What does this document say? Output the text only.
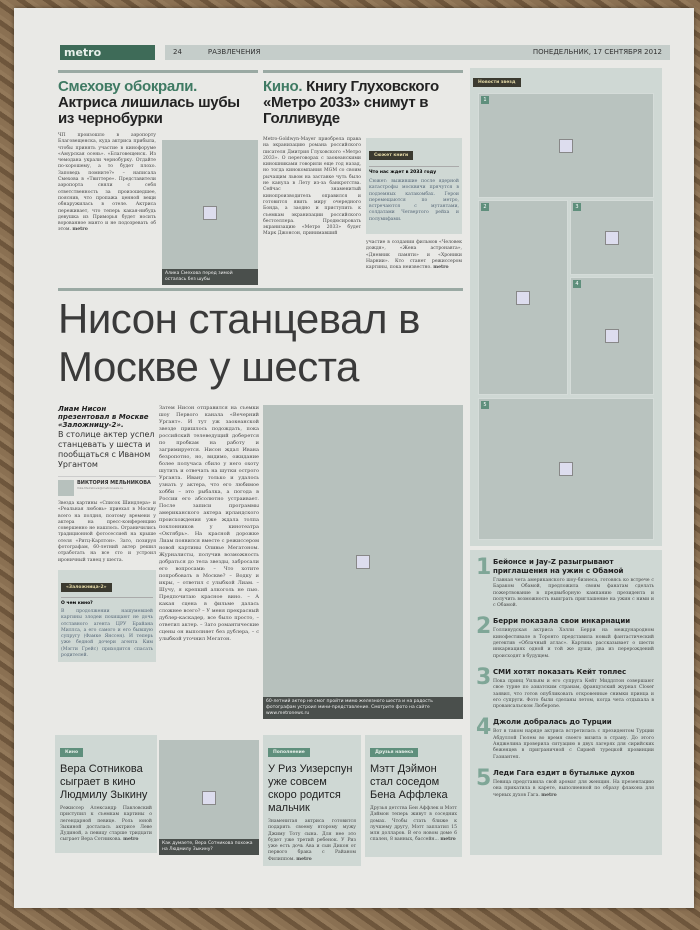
metro	24	РАЗВЛЕЧЕНИЯ	ПОНЕДЕЛЬНИК, 17 СЕНТЯБРЯ 2012
Смехову обокрали. Актриса лишилась шубы из чернобурки
ЧП произошло в аэропорту Благовещенска, куда актриса прибыла, чтобы принять участие в кинофоруме «Амурская осень». «Благовещенск. Из чемодана украли чернобурку. Отдайте по-хорошему, а то будет плохо. Заповедь помните?» – написала Смехова в «Твиттере». Представители аэропорта сняли с себя ответственность за произошедшее, пояснив, что пропажа ценной вещи обнаружилась в отеле. Актриса переживает, что теперь какая-нибудь девушка из Приморья будет носить ворованное манто и не подозревать об этом. metro
Алика Смехова перед зимой осталась без шубы
Кино. Книгу Глуховского «Метро 2033» снимут в Голливуде
Metro-Goldwyn-Mayer приобрела права на экранизацию романа российского писателя Дмитрия Глуховского «Метро 2033». О переговорах с заокеанскими киношниками говорили еще год назад, но тогда кинокомпания MGM со своим рычащим львом на заставке чуть было не канула в Лету из-за банкротства. Сейчас знаменитый кинопроизводитель оправился и готовится явить миру очередного Бонда, а заодно и приступить к съемкам экранизации российского бестселлера. Продюсировать экранизацию «Метро 2033» будет Марк Джонсон, принимавший
Сюжет книги
Что нас ждет в 2033 году
Сюжет: выжившие после ядерной катастрофы москвичи прячутся в подземных катакомбах. Герои перемещаются по метро, встречаются с мутантами, солдатами Четвертого рейха и полумифами.
участие в создании фильмов «Человек дождя», «Жена астронавта», «Дневник памяти» и «Хроники Нарнии». Кто станет режиссером картины, пока неизвестно. metro
Нисон станцевал в Москве у шеста
Лиам Нисон презентовал в Москве «Заложницу-2».
В столице актер успел станцевать у шеста и пообщаться с Иваном Ургантом
ВИКТОРИЯ МЕЛЬНИКОВА
Vika.Melnikova@metronews.ru
Звезда картины «Список Шиндлера» и «Реальная любовь» приехал в Москву всего на полдня, поэтому времени у актера на пресс-конференцию совершенно не нашлось. Ограничились традиционной фотосессией на крыше отеля «Ритц-Карлтон». Зато, позируя фотографам, 60-летний актер решил отработать на все сто и устроил ироничный танец у шеста.
«Заложница-2»
О чем кино?
В продолжении нашумевшей картины злодеи похищают не дочь отставного агента ЦРУ Брайана Миллса, а его самого и его бывшую супругу (Фамке Янссен). И теперь уже бедной дочери агента Ким (Мэгги Грейс) приходится спасать родителей.
Затем Нисон отправился на съемки шоу Первого канала «Вечерний Ургант». И тут уж заокеанской звезде пришлось подождать, пока российский телеведущий доберется по пробкам на работу и загримируется. Нисон ждал Ивана безропотно, но, видимо, ожидание более получаса сбило у него охоту шутить и отвечать на шутки острого Урганта. Ивану только и удалось узнать у актера, что его любимое хобби – это рыбалка, а погода в России его абсолютно устраивает. После записи программы американского актера ирландского происхождения уже ждала толпа поклонников у кинотеатра «Октябрь». На красной дорожке Лиам появился вместе с режиссером новой картины Оливье Мегатоном. Журналисты, получив возможность добраться до тела звезды, забросали его вопросами: – Что хотите попробовать в Москве? – Водку и икры, – ответил с улыбкой Лиам. – Шучу, я крепкий алкоголь не пью. Предпочитаю красное вино. – А какая сцена в фильме далась сложнее всего? – У меня прекрасный дублер-каскадер, все было просто, – ответил актер. – Зато романтические сцены он выполняет без дублера, – с улыбкой уточнил Мегатон.
60-летний актер не смог пройти мимо железного шеста и на радость фотографам устроил мини-представление. Смотрите фото на сайте www.metronews.ru
Новости звезд
1
2	3
4
5
1 Бейонсе и Jay-Z разыгрывают приглашения на ужин с Обамой
Главная чета американского шоу-бизнеса, готовясь ко встрече с Бараком Обамой, предложила своим фанатам сделать пожертвование в предвыборную кампанию президента и получить возможность выиграть приглашение на ужин с ними и с Обамой.
2 Берри показала свои инкарнации
Голливудская актриса Хэлли Берри на международном кинофестивале в Торонто представила новый фантастический детектив «Облачный атлас». Картина рассказывает о шести инкарнациях одной и той же души, два из перерождений происходят в будущем.
3 СМИ хотят показать Кейт топлес
Пока принц Уильям и его супруга Кейт Миддлтон совершают свое турне по азиатским странам, французский журнал Closer заявил, что готов опубликовать откровенные снимки принца и его супруги. Фото были сделаны летом, когда чета отдыхала в провансальском Люберone.
4 Джоли добралась до Турции
Вот в таком наряде актриса встретилась с президентом Турции Абдуллой Гюлем во время своего визита в страну. До этого Анджелина проверила ситуацию в двух лагерях для сирийских беженцев в приграничной с Сирией турецкой провинции Газиантеп.
5 Леди Гага ездит в бутыльке духов
Певица представила свой аромат для женщин. На презентацию она прикатила в карете, выполненной по образу флакона для черных духов Гага. metro
Кино
Вера Сотникова сыграет в кино Людмилу Зыкину
Режиссер Александр Павловский приступил к съемкам картины о легендарной певице. Роль юной Зыкиной досталась актрисе Леве Дудиной, а певицу старше тридцати сыграет Вера Сотникова. metro
Как думаете, Вера Сотникова похожа на Людмилу Зыкину?
Пополнение
У Риз Уизерспун уже совсем скоро родится мальчик
Знаменитая актриса готовится подарить своему второму мужу Джиму Тоту сына. Для нее это будет уже третий ребенок. У Риз уже есть дочь Ава и сын Дикон от первого брака с Райаном Филиппом. metro
Друзья навека
Мэтт Дэймон стал соседом Бена Аффлека
Друзья детства Бен Аффлек и Мэтт Дэймон теперь живут в соседних домах. Чтобы стать ближе к лучшему другу, Мэтт заплатил 15 млн долларов. В его новом доме 6 спален, 8 ванных, бассейн... metro
